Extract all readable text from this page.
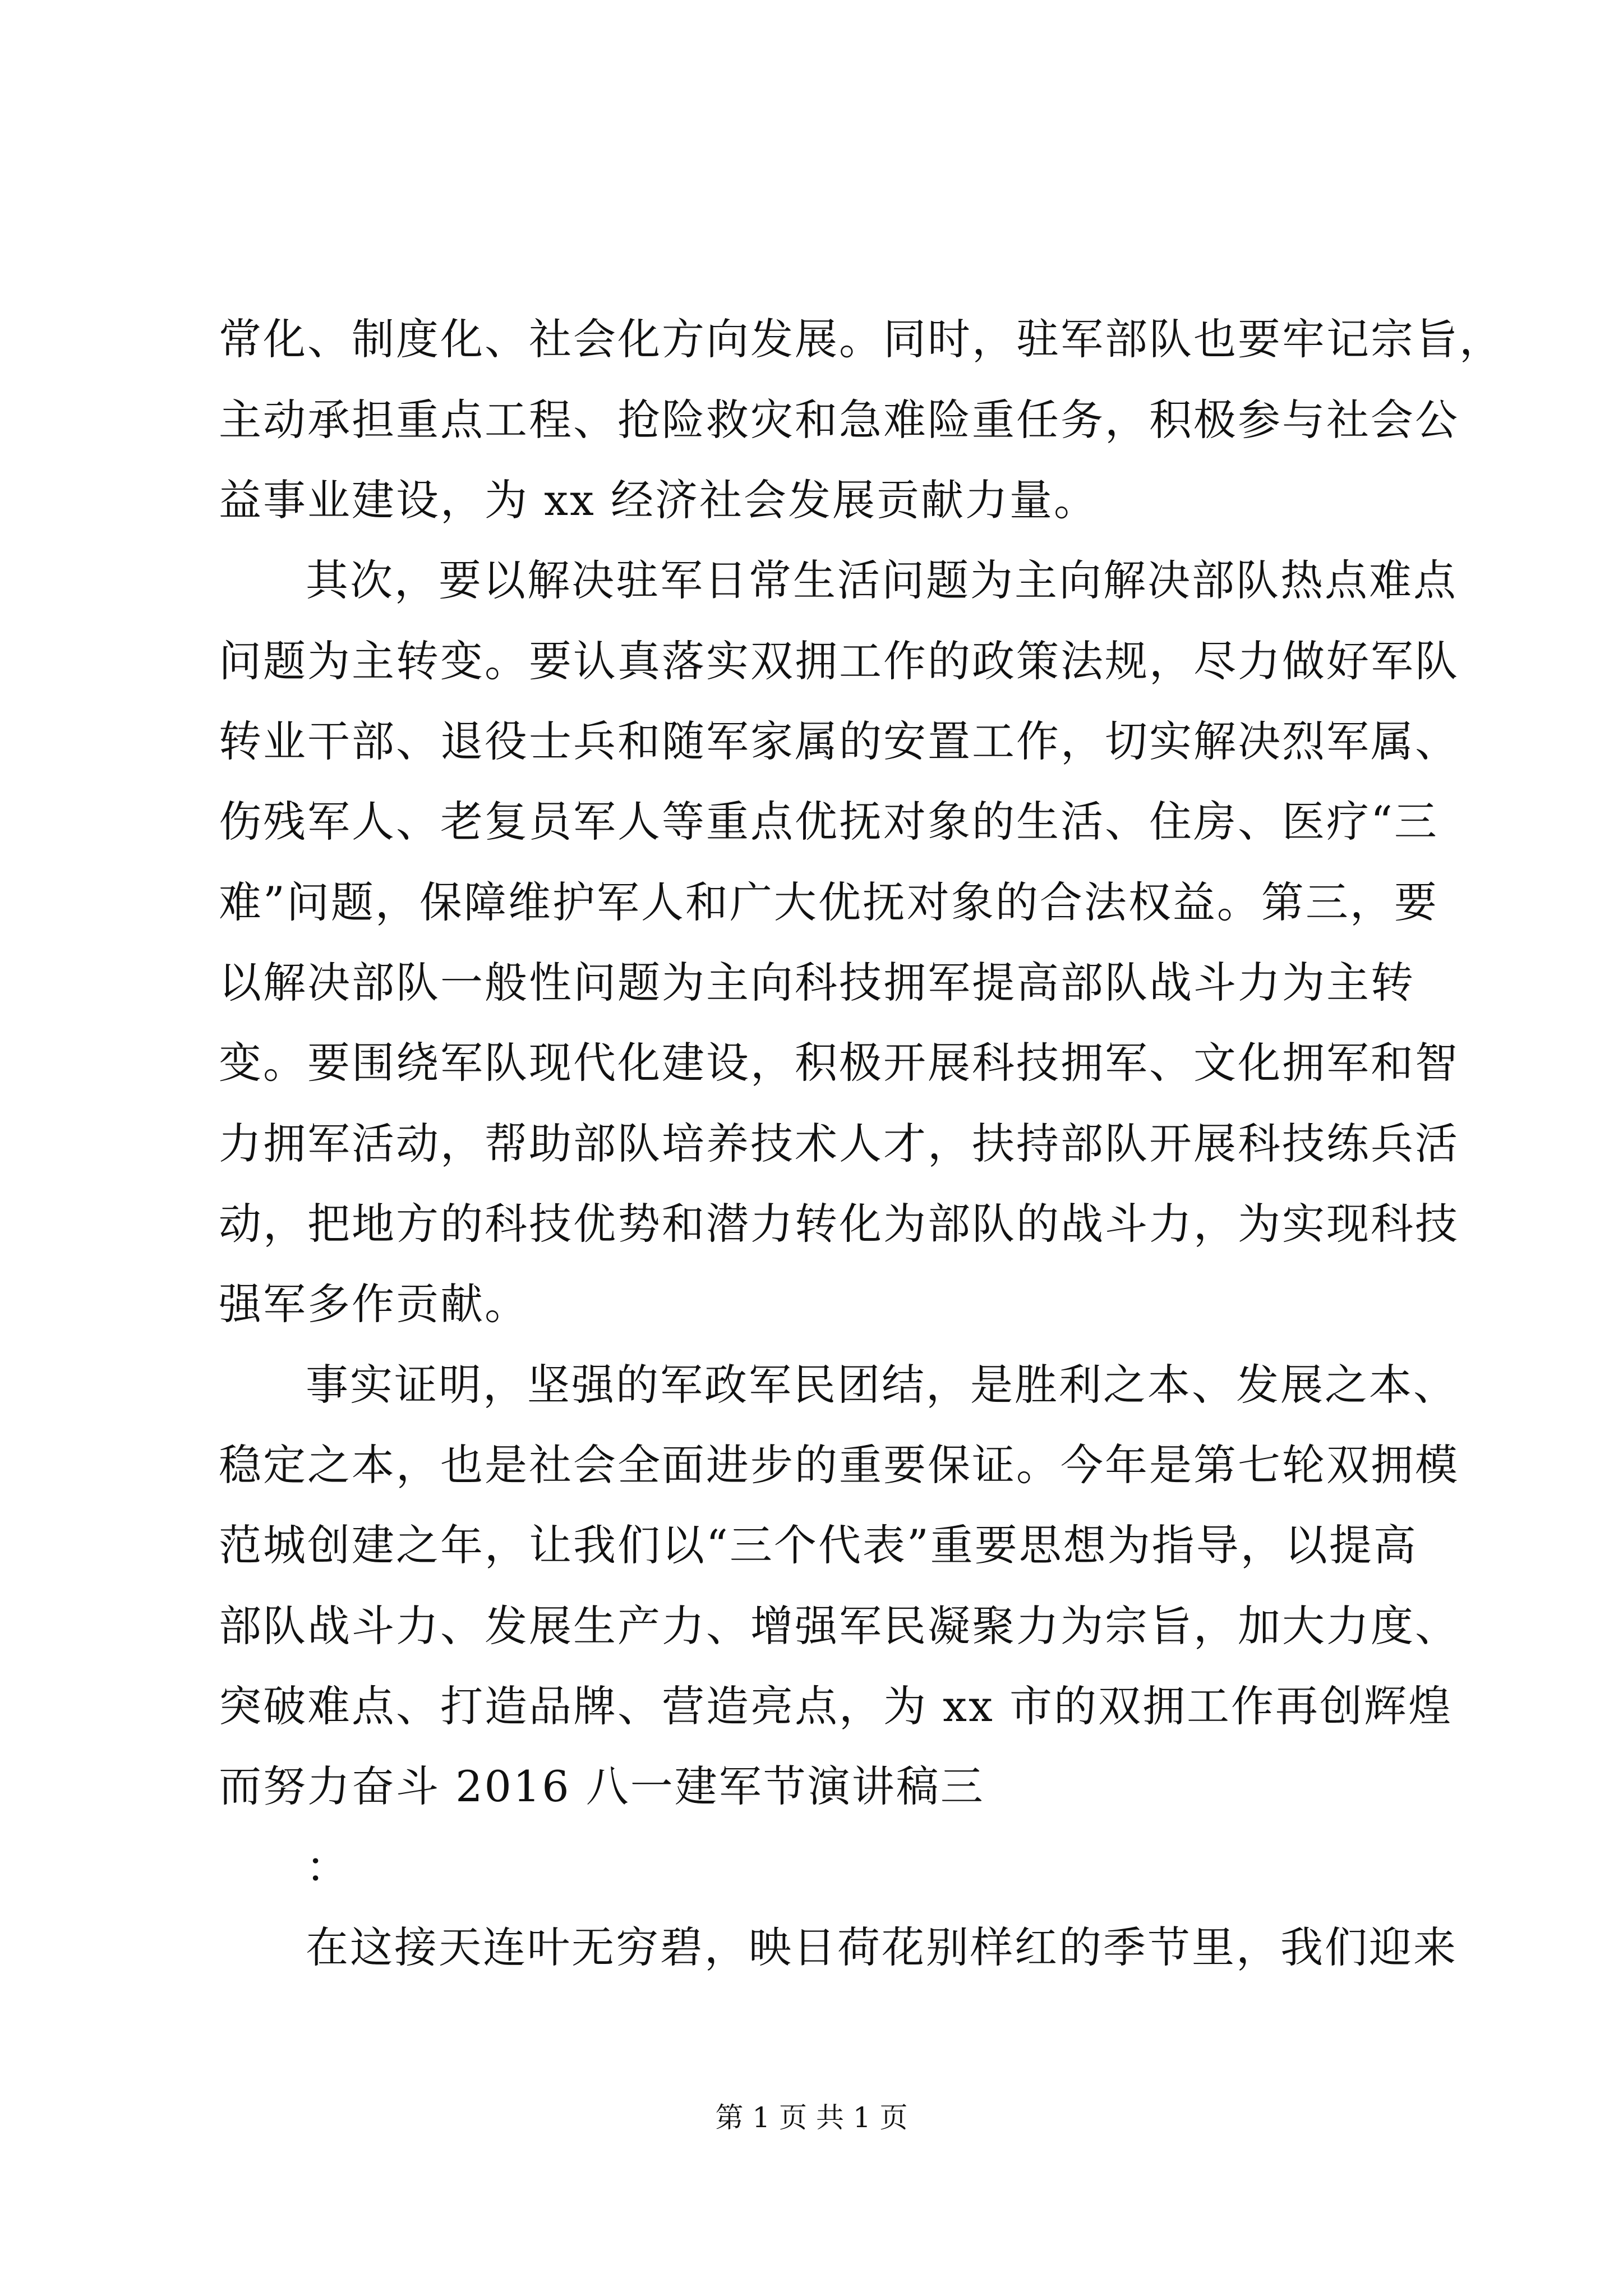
常化、制度化、社会化方向发展。同时，驻军部队也要牢记宗旨，
主动承担重点工程、抢险救灾和急难险重任务，积极参与社会公
益事业建设，为 xx 经济社会发展贡献力量。
其次，要以解决驻军日常生活问题为主向解决部队热点难点
问题为主转变。要认真落实双拥工作的政策法规，尽力做好军队
转业干部、退役士兵和随军家属的安置工作，切实解决烈军属、
伤残军人、老复员军人等重点优抚对象的生活、住房、医疗“三
难”问题，保障维护军人和广大优抚对象的合法权益。第三，要
以解决部队一般性问题为主向科技拥军提高部队战斗力为主转
变。要围绕军队现代化建设，积极开展科技拥军、文化拥军和智
力拥军活动，帮助部队培养技术人才，扶持部队开展科技练兵活
动，把地方的科技优势和潜力转化为部队的战斗力，为实现科技
强军多作贡献。
事实证明，坚强的军政军民团结，是胜利之本、发展之本、
稳定之本，也是社会全面进步的重要保证。今年是第七轮双拥模
范城创建之年，让我们以“三个代表”重要思想为指导，以提高
部队战斗力、发展生产力、增强军民凝聚力为宗旨，加大力度、
突破难点、打造品牌、营造亮点，为 xx 市的双拥工作再创辉煌
而努力奋斗 2016 八一建军节演讲稿三
：
在这接天连叶无穷碧，映日荷花别样红的季节里，我们迎来
第 1 页 共 1 页
